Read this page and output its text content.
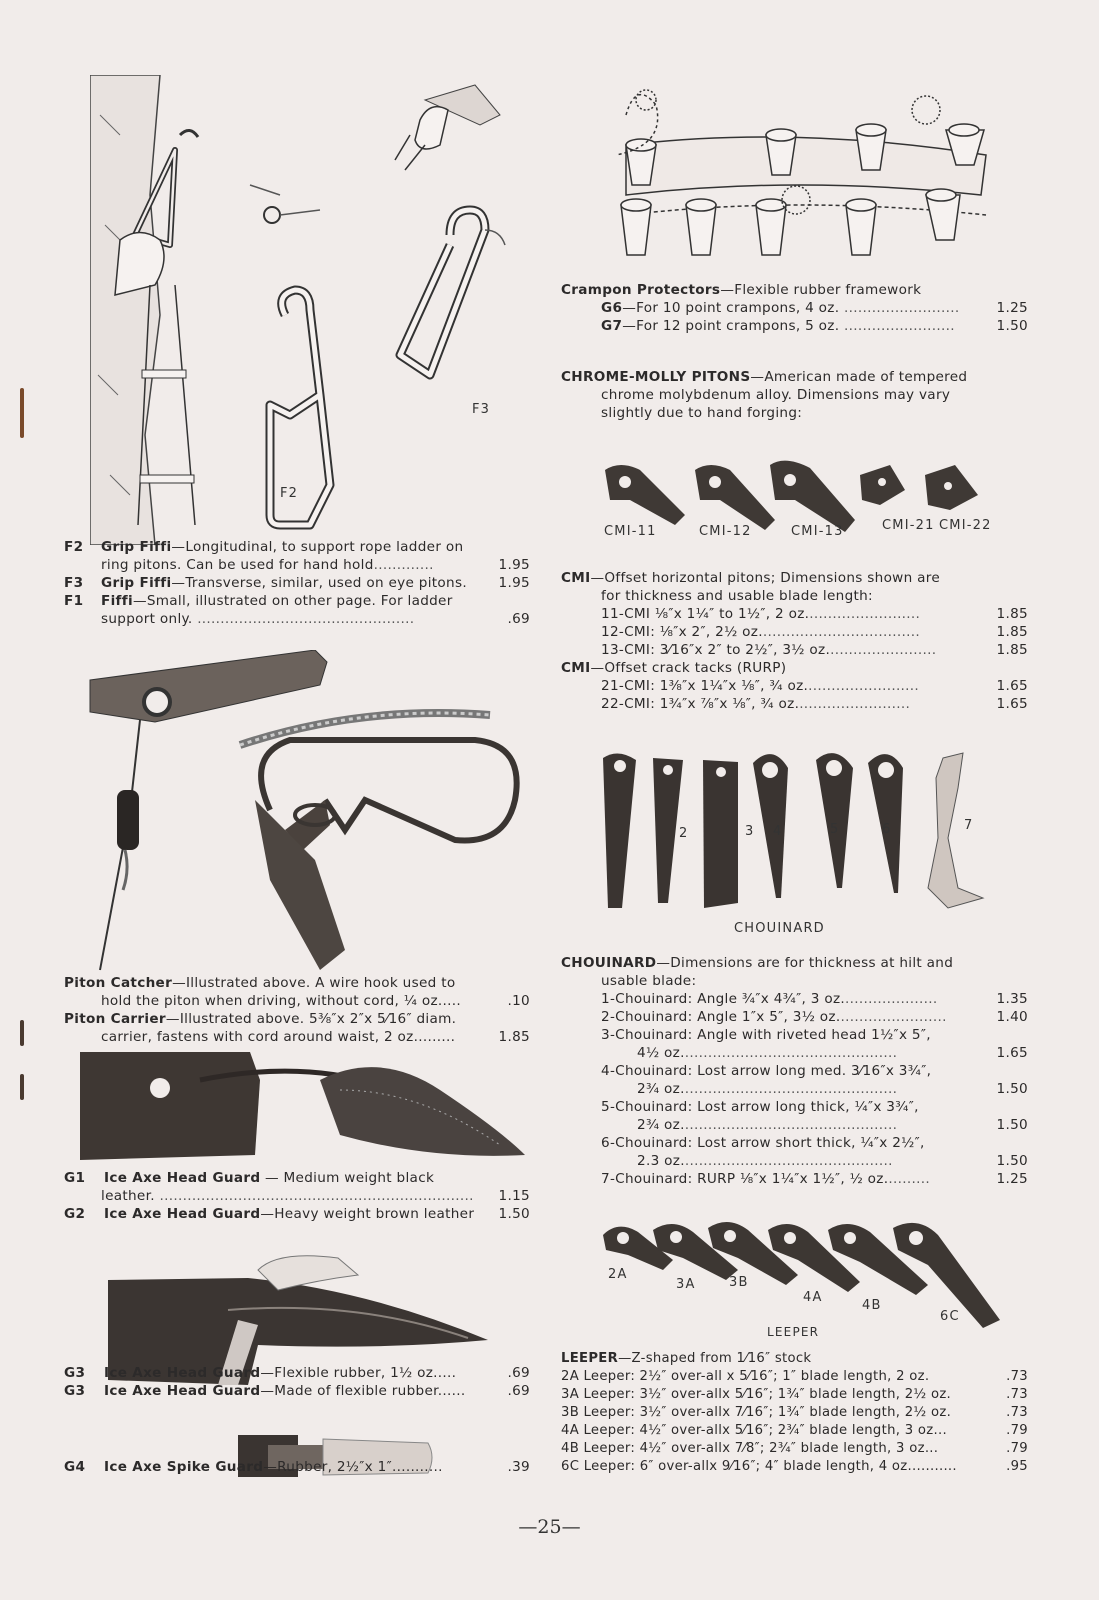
F2
F3
F2 Grip Fiffi—Longitudinal, to support rope ladder on
ring pitons. Can be used for hand hold.............	1.95
F3 Grip Fiffi—Transverse, similar, used on eye pitons. 1.95
F1 Fiffi—Small, illustrated on other page. For ladder
support only. ...............................................	.69
Piton Catcher—Illustrated above. A wire hook used to
hold the piton when driving, without cord, ¼ oz.....	.10
Piton Carrier—Illustrated above. 5⅜″x 2″x 5⁄16″ diam.
carrier, fastens with cord around waist, 2 oz.........	1.85
G1 Ice Axe Head Guard — Medium weight black
leather. .................................................................... 1.15
G2 Ice Axe Head Guard—Heavy weight brown leather 1.50
G3 Ice Axe Head Guard—Flexible rubber, 1½ oz.....	.69
G3 Ice Axe Head Guard—Made of flexible rubber......	.69
G4 Ice Axe Spike Guard—Rubber, 2½″x 1″...........	.39
Crampon Protectors—Flexible rubber framework
G6—For 10 point crampons, 4 oz. .........................	1.25
G7—For 12 point crampons, 5 oz. ........................	1.50
CHROME-MOLLY PITONS—American made of tempered
chrome molybdenum alloy. Dimensions may vary
slightly due to hand forging:
CMI-11	CMI-12	CMI-13	CMI-21 CMI-22
CMI—Offset horizontal pitons; Dimensions shown are
for thickness and usable blade length:
11-CMI ⅛″x 1¼″ to 1½″, 2 oz.........................	1.85
12-CMI: ⅛″x 2″, 2½ oz...................................	1.85
13-CMI: 3⁄16″x 2″ to 2½″, 3½ oz........................	1.85
CMI—Offset crack tacks (RURP)
21-CMI: 1⅜″x 1¼″x ⅛″, ¾ oz.........................	1.65
22-CMI: 1¾″x ⅞″x ⅛″, ¾ oz.........................	1.65
2	3 4	5	6	7
CHOUINARD
CHOUINARD—Dimensions are for thickness at hilt and
usable blade:
1-Chouinard: Angle ¾″x 4¾″, 3 oz.....................	1.35
2-Chouinard: Angle 1″x 5″, 3½ oz........................	1.40
3-Chouinard: Angle with riveted head 1½″x 5″,
4½ oz...............................................	1.65
4-Chouinard: Lost arrow long med. 3⁄16″x 3¾″,
2¾ oz...............................................	1.50
5-Chouinard: Lost arrow long thick, ¼″x 3¾″,
2¾ oz...............................................	1.50
6-Chouinard: Lost arrow short thick, ¼″x 2½″,
2.3 oz..............................................	1.50
7-Chouinard: RURP ⅛″x 1¼″x 1½″, ½ oz..........	1.25
2A
3A	3B
4A
4B
6C
LEEPER
LEEPER—Z-shaped from 1⁄16″ stock
2A Leeper: 2½″ over-all x 5⁄16″; 1″ blade length, 2 oz.	.73
3A Leeper: 3½″ over-allx 5⁄16″; 1¾″ blade length, 2½ oz.	.73
3B Leeper: 3½″ over-allx 7⁄16″; 1¾″ blade length, 2½ oz.	.73
4A Leeper: 4½″ over-allx 5⁄16″; 2¾″ blade length, 3 oz...	.79
4B Leeper: 4½″ over-allx 7⁄8″; 2¾″ blade length, 3 oz...	.79
6C Leeper: 6″ over-allx 9⁄16″; 4″ blade length, 4 oz...........	.95
—25—
